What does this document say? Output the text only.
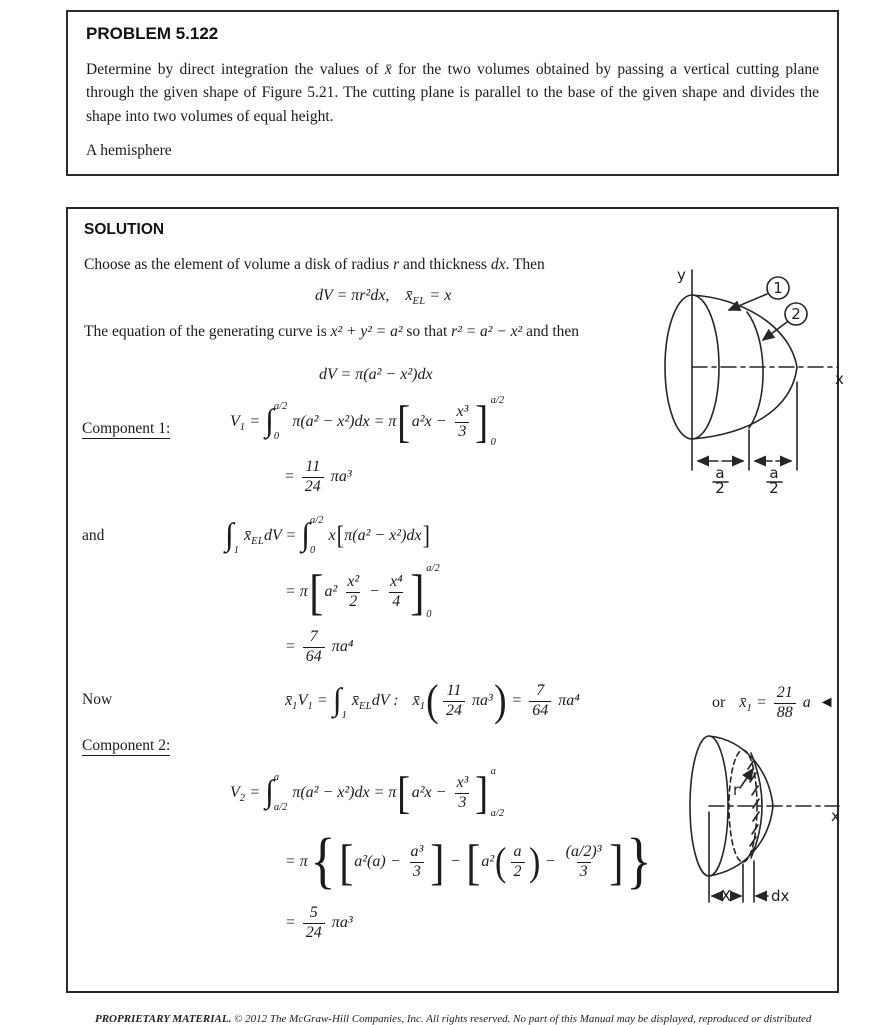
PROBLEM 5.122
Determine by direct integration the values of x̄ for the two volumes obtained by passing a vertical cutting plane through the given shape of Figure 5.21. The cutting plane is parallel to the base of the given shape and divides the shape into two volumes of equal height.
A hemisphere
SOLUTION
Choose as the element of volume a disk of radius r and thickness dx. Then
dV = πr²dx, x̄ EL = x
The equation of the generating curve is x² + y² = a² so that r² = a² − x² and then
dV = π(a² − x²)dx
Component 1:	V 1 = ∫ a/2
0
π(a² − x²)dx = π [ $a^2x - \frac{\text{x³}}{3}$ ] a/2
0
= $\frac{11}{24} \pi a^3$
and	∫ 1
x̄ EL dV = ∫ a/2
0
x [ π(a² − x²)dx ]
= π [ $a^2 \frac{\text{x²}}{2} - \frac{\text{x⁴}}{4}$ ] a/2
0
= $\frac{7}{64} \pi a^4$
Now	x̄ 1 V 1 = ∫ 1
x̄ EL dV : x̄ 1 ( $\frac{11}{24} \pi a^3$ ) = $\frac{7}{64} \pi a^4$	or x̄ $1 = \frac{21}{88}$ a ◄
Component 2:
V 2 = ∫ a
a/2
π(a² − x²)dx = π [ $a^2x - \frac{\text{x³}}{3}$ ] a
a/2
= π { [ $a^2(a) - \frac{\text{a³}}{3}$ ] − [ a² ( $\frac{a}{2}$ ) − $\frac{\text{(a/2)³}}{3}$ ] }
= $\frac{5}{24} \pi a^3$
y
x
1
2
a
2
a
2
r
x
X	dx
PROPRIETARY MATERIAL. © 2012 The McGraw-Hill Companies, Inc. All rights reserved. No part of this Manual may be displayed, reproduced or distributed
